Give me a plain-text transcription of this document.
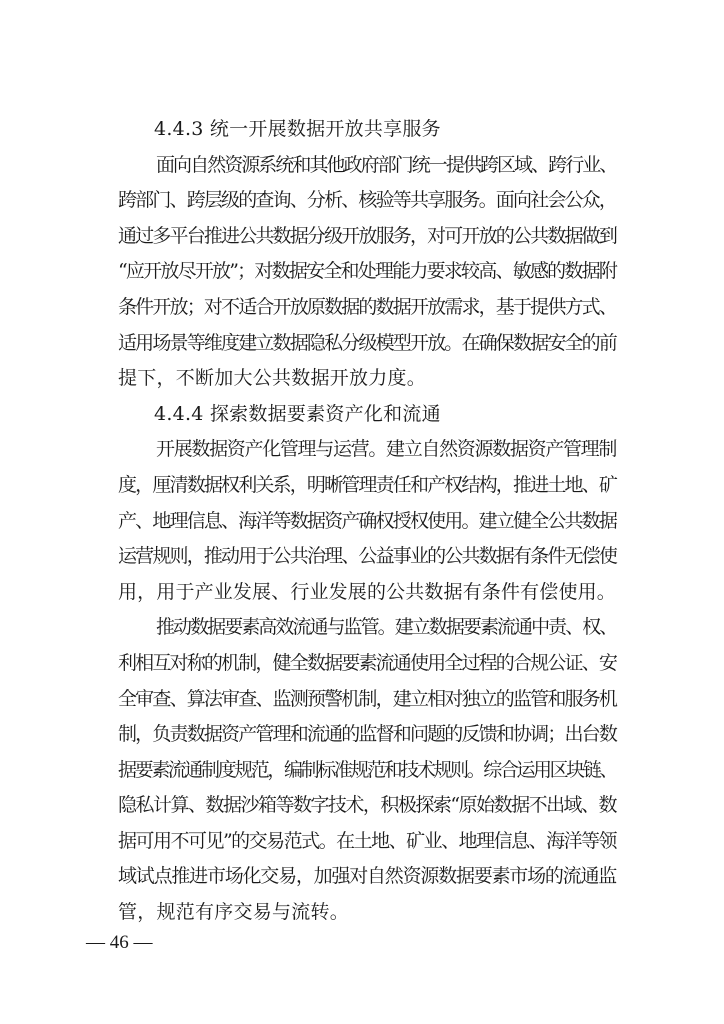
4.4.3 统一开展数据开放共享服务
面向自然资源系统和其他政府部门统一提供跨区域、跨行业、
跨部门、跨层级的查询、分析、核验等共享服务。面向社会公众，
通过多平台推进公共数据分级开放服务，对可开放的公共数据做到
“应开放尽开放”；对数据安全和处理能力要求较高、敏感的数据附
条件开放；对不适合开放原数据的数据开放需求，基于提供方式、
适用场景等维度建立数据隐私分级模型开放。在确保数据安全的前
提下，不断加大公共数据开放力度。
4.4.4 探索数据要素资产化和流通
开展数据资产化管理与运营。建立自然资源数据资产管理制
度，厘清数据权利关系，明晰管理责任和产权结构，推进土地、矿
产、地理信息、海洋等数据资产确权授权使用。建立健全公共数据
运营规则，推动用于公共治理、公益事业的公共数据有条件无偿使
用，用于产业发展、行业发展的公共数据有条件有偿使用。
推动数据要素高效流通与监管。建立数据要素流通中责、权、
利相互对称的机制，健全数据要素流通使用全过程的合规公证、安
全审查、算法审查、监测预警机制，建立相对独立的监管和服务机
制，负责数据资产管理和流通的监督和问题的反馈和协调；出台数
据要素流通制度规范，编制标准规范和技术规则。综合运用区块链、
隐私计算、数据沙箱等数字技术，积极探索“原始数据不出域、数
据可用不可见”的交易范式。在土地、矿业、地理信息、海洋等领
域试点推进市场化交易，加强对自然资源数据要素市场的流通监
管，规范有序交易与流转。
— 46 —
